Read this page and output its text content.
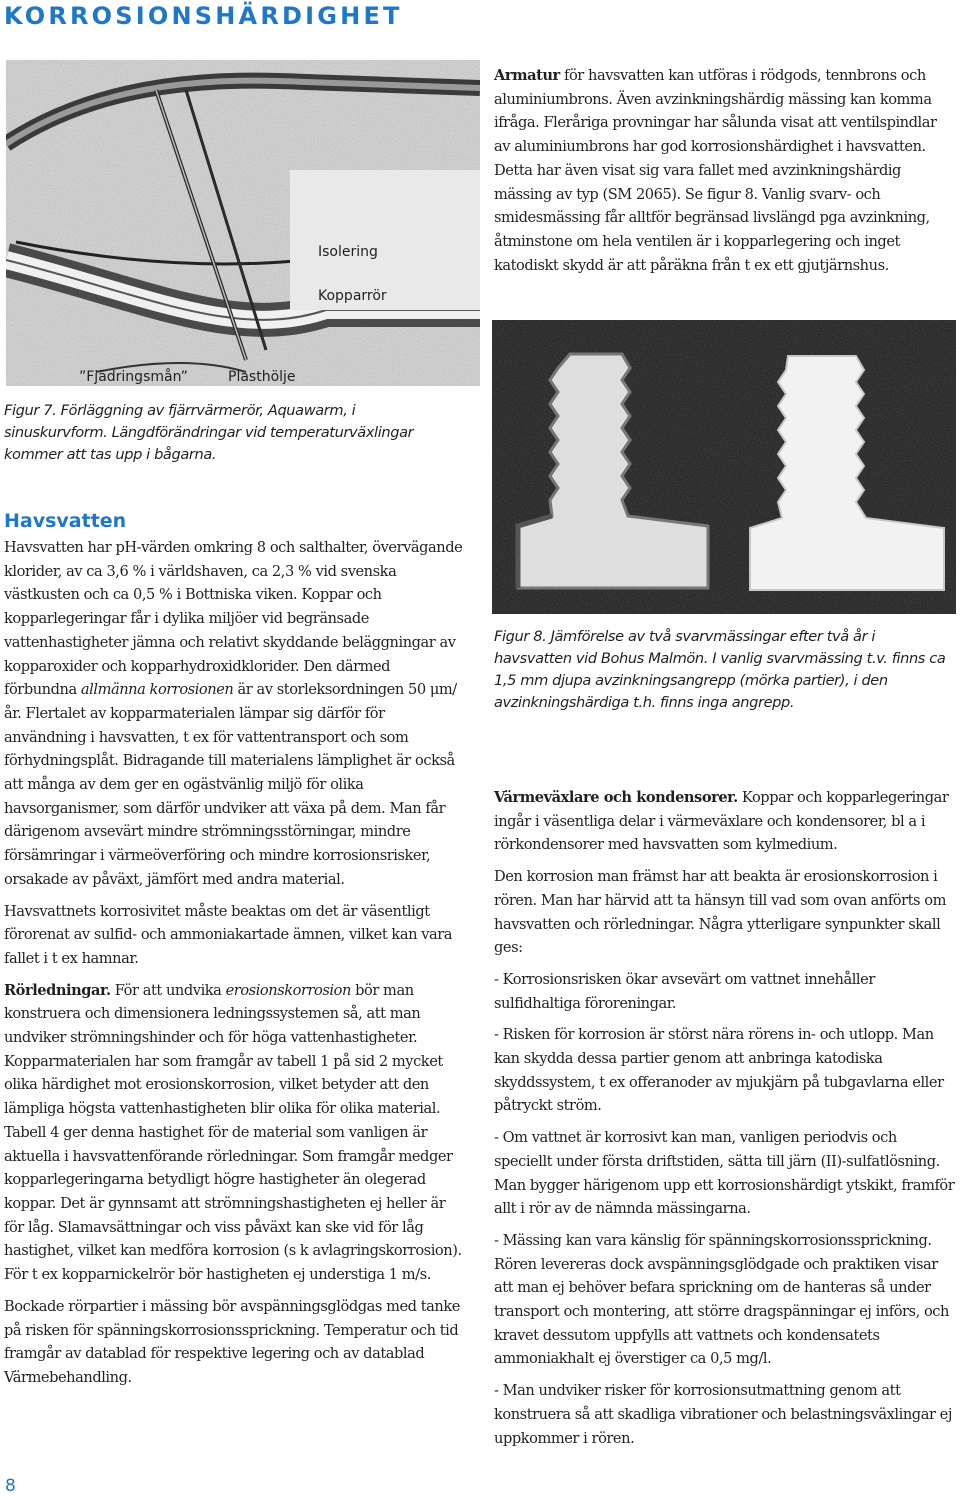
KORROSIONSHÄRDIGHET
Isolering
Kopparrör
”Fjädringsmån”	Plasthölje

Figur 7. Förläggning av fjärrvärmerör, Aquawarm, i sinuskurvform. Längdförändringar vid temperaturväxlingar kommer att tas upp i bågarna.

Armatur för havsvatten kan utföras i rödgods, tennbrons och aluminiumbrons. Även avzinkningshärdig mässing kan komma ifråga. Fleråriga provningar har sålunda visat att ventilspindlar av aluminiumbrons har god korrosionshärdighet i havsvatten. Detta har även visat sig vara fallet med avzinkningshärdig mässing av typ (SM 2065). Se figur 8. Vanlig svarv- och smidesmässing får alltför begränsad livslängd pga avzinkning, åtminstone om hela ventilen är i kopparlegering och inget katodiskt skydd är att påräkna från t ex ett gjutjärnshus.

Figur 8. Jämförelse av två svarvmässingar efter två år i havsvatten vid Bohus Malmön. I vanlig svarvmässing t.v. finns ca 1,5 mm djupa avzinkningsangrepp (mörka partier), i den avzinkningshärdiga t.h. finns inga angrepp.

Havsvatten

Havsvatten har pH-värden omkring 8 och salthalter, övervägande klorider, av ca 3,6 % i världshaven, ca 2,3 % vid svenska västkusten och ca 0,5 % i Bottniska viken. Koppar och kopparlegeringar får i dylika miljöer vid begränsade vattenhastigheter jämna och relativt skyddande beläggningar av kopparoxider och kopparhydroxidklorider. Den därmed förbundna allmänna korrosionen är av storleksordningen 50 μm/år. Flertalet av kopparmaterialen lämpar sig därför för användning i havsvatten, t ex för vattentransport och som förhydningsplåt. Bidragande till materialens lämplighet är också att många av dem ger en ogästvänlig miljö för olika havsorganismer, som därför undviker att växa på dem. Man får därigenom avsevärt mindre strömningsstörningar, mindre försämringar i värmeöverföring och mindre korrosionsrisker, orsakade av påväxt, jämfört med andra material.

Havsvattnets korrosivitet måste beaktas om det är väsentligt förorenat av sulfid- och ammoniakartade ämnen, vilket kan vara fallet i t ex hamnar.

Rörledningar. För att undvika erosionskorrosion bör man konstruera och dimensionera ledningssystemen så, att man undviker strömningshinder och för höga vattenhastigheter.

Kopparmaterialen har som framgår av tabell 1 på sid 2 mycket olika härdighet mot erosionskorrosion, vilket betyder att den lämpliga högsta vattenhastigheten blir olika för olika material. Tabell 4 ger denna hastighet för de material som vanligen är aktuella i havsvattenförande rörledningar. Som framgår medger kopparlegeringarna betydligt högre hastigheter än olegerad koppar. Det är gynnsamt att strömningshastigheten ej heller är för låg. Slamavsättningar och viss påväxt kan ske vid för låg hastighet, vilket kan medföra korrosion (s k avlagringskorrosion). För t ex kopparnickelrör bör hastigheten ej understiga 1 m/s.

Bockade rörpartier i mässing bör avspänningsglödgas med tanke på risken för spänningskorrosionssprickning. Temperatur och tid framgår av datablad för respektive legering och av datablad Värmebehandling.

Värmeväxlare och kondensorer. Koppar och kopparlegeringar ingår i väsentliga delar i värmeväxlare och kondensorer, bl a i rörkondensorer med havsvatten som kylmedium.

Den korrosion man främst har att beakta är erosionskorrosion i rören. Man har härvid att ta hänsyn till vad som ovan anförts om havsvatten och rörledningar. Några ytterligare synpunkter skall ges:

- Korrosionsrisken ökar avsevärt om vattnet innehåller sulfidhaltiga föroreningar.

- Risken för korrosion är störst nära rörens in- och utlopp. Man kan skydda dessa partier genom att anbringa katodiska skyddssystem, t ex offeranoder av mjukjärn på tubgavlarna eller påtryckt ström.

- Om vattnet är korrosivt kan man, vanligen periodvis och speciellt under första driftstiden, sätta till järn (II)-sulfatlösning. Man bygger härigenom upp ett korrosionshärdigt ytskikt, framför allt i rör av de nämnda mässingarna.

- Mässing kan vara känslig för spänningskorrosionssprickning. Rören levereras dock avspänningsglödgade och praktiken visar att man ej behöver befara sprickning om de hanteras så under transport och montering, att större dragspänningar ej införs, och kravet dessutom uppfylls att vattnets och kondensatets ammoniakhalt ej överstiger ca 0,5 mg/l.

- Man undviker risker för korrosionsutmattning genom att konstruera så att skadliga vibrationer och belastningsväxlingar ej uppkommer i rören.

8
